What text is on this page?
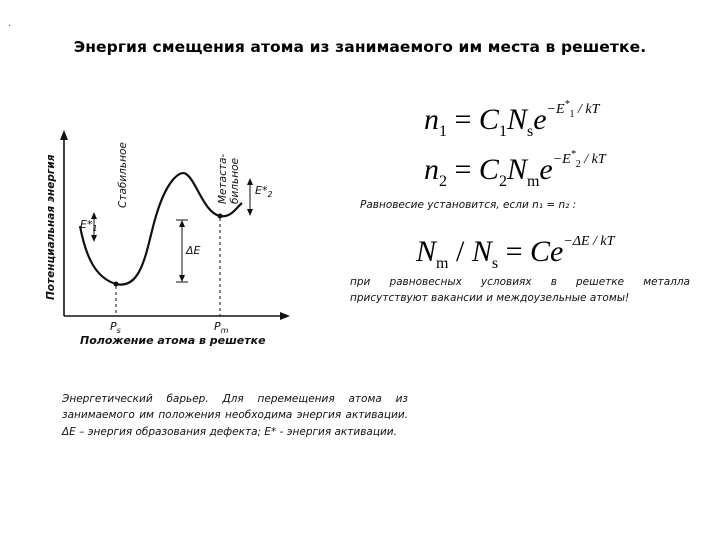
.
Энергия смещения атома из занимаемого им места в решетке.
$n_1 = C_1N_se^{-E^*_1 / kT}$
$n_2 = C_2N_me^{-E^*_2 / kT}$
Равновесие установится, если n₁ = n₂ :
$N_m / N_s = Ce^{-\Delta E / kT}$
при равновесных условиях в решетке металла присутствуют вакансии и междоузельные атомы!
Потенциальная энергия
Положение атома в решетке
Стабильное	Метаста- бильное
$E*_1$
ΔE
$E*_2$
$P_s$	$P_m$
Энергетический барьер. Для перемещения атома из занимаемого им положения необходима энергия активации. ΔE – энергия образования дефекта; E* - энергия активации.
